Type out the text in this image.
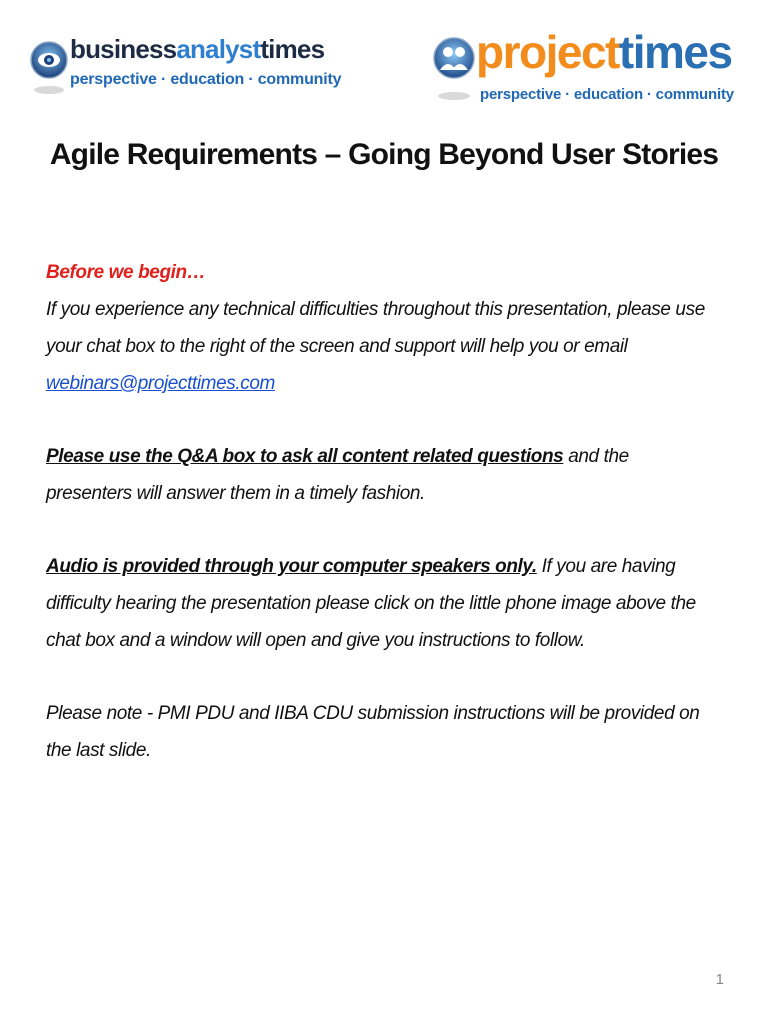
businessanalysttimes
perspective · education · community
projecttimes
perspective · education · community
Agile Requirements – Going Beyond User Stories

Before we begin…
If you experience any technical difficulties throughout this presentation, please use your chat box to the right of the screen and support will help you or email
webinars@projecttimes.com

Please use the Q&A box to ask all content related questions and the presenters will answer them in a timely fashion.

Audio is provided through your computer speakers only. If you are having difficulty hearing the presentation please click on the little phone image above the chat box and a window will open and give you instructions to follow.

Please note - PMI PDU and IIBA CDU submission instructions will be provided on the last slide.

1
